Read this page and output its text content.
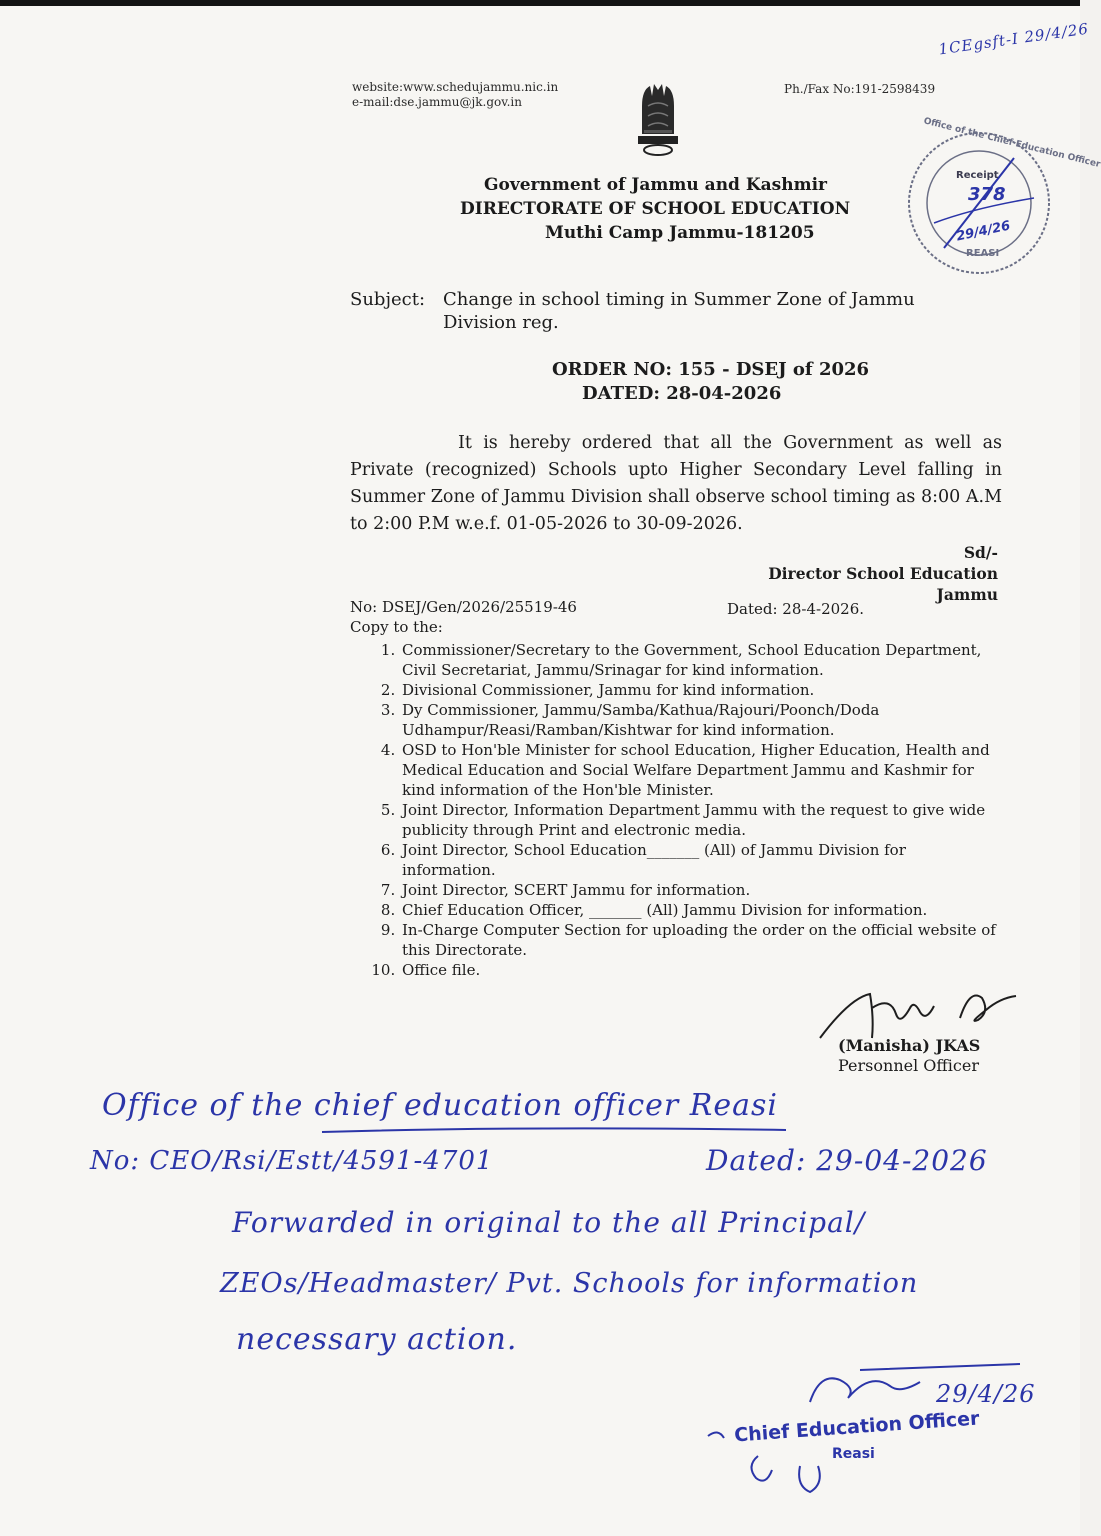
website:www.schedujammu.nic.in
e-mail:dse.jammu@jk.gov.in
Ph./Fax No:191-2598439
Government of Jammu and Kashmir
DIRECTORATE OF SCHOOL EDUCATION
Muthi Camp Jammu-181205
1CEgsft-I 29/4/26
Office of the Chief Education Officer
Receipt
378
29/4/26
REASI
Subject: Change in school timing in Summer Zone of Jammu Division reg.
ORDER NO: 155 - DSEJ of 2026
DATED: 28-04-2026
It is hereby ordered that all the Government as well as Private (recognized) Schools upto Higher Secondary Level falling in Summer Zone of Jammu Division shall observe school timing as 8:00 A.M to 2:00 P.M w.e.f. 01-05-2026 to 30-09-2026.
Sd/-
Director School Education
Jammu
No: DSEJ/Gen/2026/25519-46	Dated: 28-4-2026.
Copy to the:
1. Commissioner/Secretary to the Government, School Education Department, Civil Secretariat, Jammu/Srinagar for kind information.
2. Divisional Commissioner, Jammu for kind information.
3. Dy Commissioner, Jammu/Samba/Kathua/Rajouri/Poonch/Doda Udhampur/Reasi/Ramban/Kishtwar for kind information.
4. OSD to Hon'ble Minister for school Education, Higher Education, Health and Medical Education and Social Welfare Department Jammu and Kashmir for kind information of the Hon'ble Minister.
5. Joint Director, Information Department Jammu with the request to give wide publicity through Print and electronic media.
6. Joint Director, School Education_______ (All) of Jammu Division for information.
7. Joint Director, SCERT Jammu for information.
8. Chief Education Officer, _______ (All) Jammu Division for information.
9. In-Charge Computer Section for uploading the order on the official website of this Directorate.
10. Office file.
(Manisha) JKAS
Personnel Officer
Office of the chief education officer Reasi
No: CEO/Rsi/Estt/4591-4701	Dated: 29-04-2026
Forwarded in original to the all Principal/
ZEOs/Headmaster/ Pvt. Schools for information
necessary action.
29/4/26
Chief Education Officer
Reasi
